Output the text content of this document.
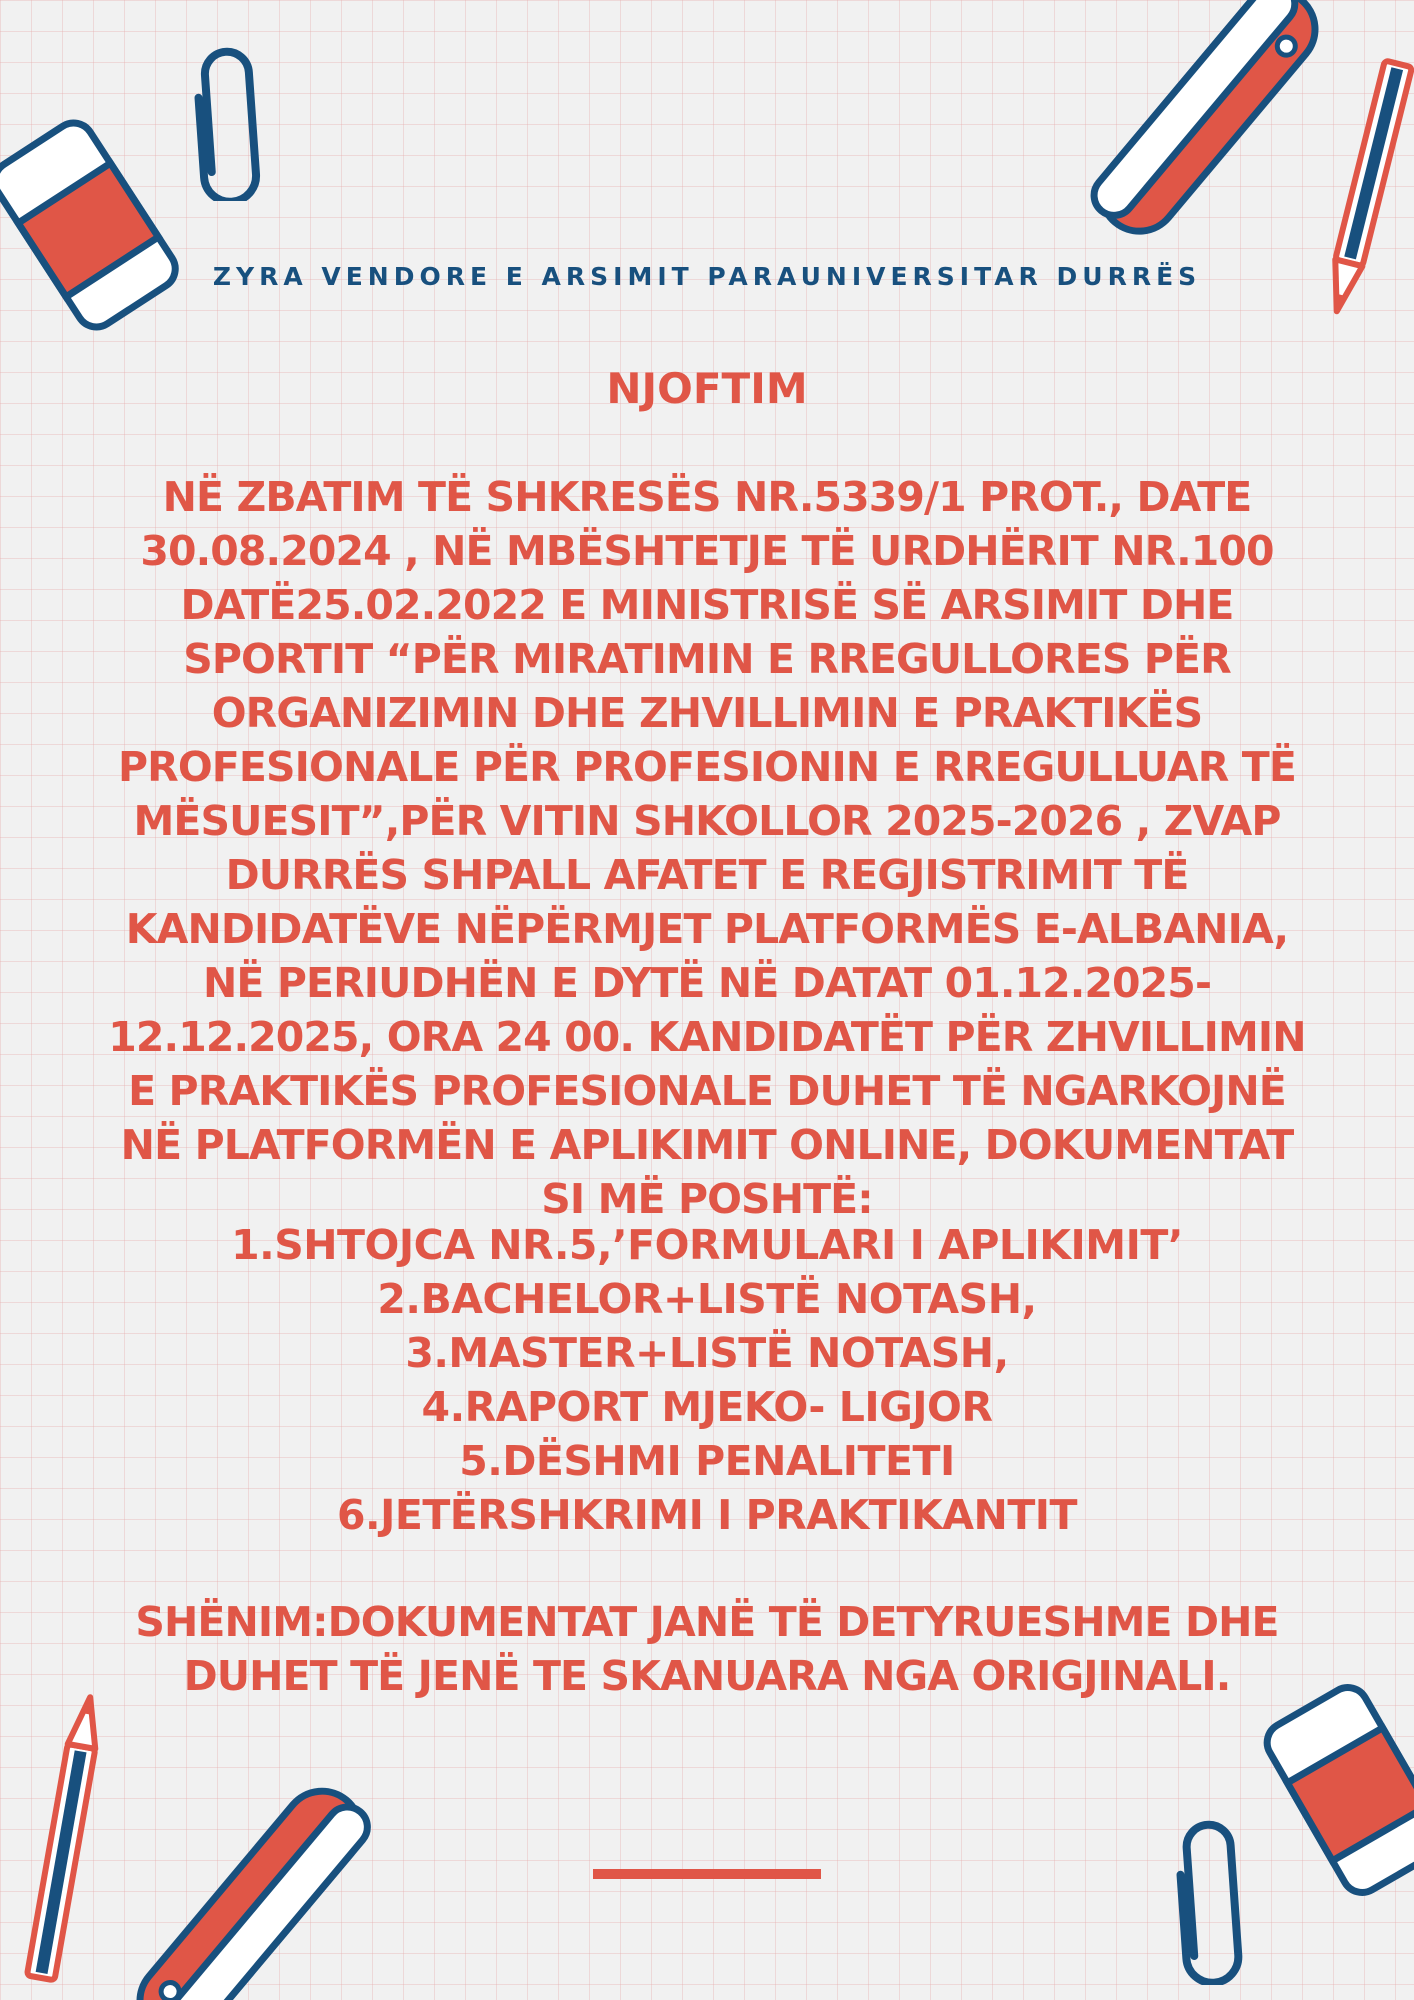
ZYRA VENDORE E ARSIMIT PARAUNIVERSITAR DURRËS
NJOFTIM
NË ZBATIM TË SHKRESËS NR.5339/1 PROT., DATE
30.08.2024 , NË MBËSHTETJE TË URDHËRIT NR.100
DATË25.02.2022 E MINISTRISË SË ARSIMIT DHE
SPORTIT “PËR MIRATIMIN E RREGULLORES PËR
ORGANIZIMIN DHE ZHVILLIMIN E PRAKTIKËS
PROFESIONALE PËR PROFESIONIN E RREGULLUAR TË
MËSUESIT”,PËR VITIN SHKOLLOR 2025-2026 , ZVAP
DURRËS SHPALL AFATET E REGJISTRIMIT TË
KANDIDATËVE NËPËRMJET PLATFORMËS E-ALBANIA,
NË PERIUDHËN E DYTË NË DATAT 01.12.2025-
12.12.2025, ORA 24 00. KANDIDATËT PËR ZHVILLIMIN
E PRAKTIKËS PROFESIONALE DUHET TË NGARKOJNË
NË PLATFORMËN E APLIKIMIT ONLINE, DOKUMENTAT
SI MË POSHTË:
1.SHTOJCA NR.5,’FORMULARI I APLIKIMIT’
2.BACHELOR+LISTË NOTASH,
3.MASTER+LISTË NOTASH,
4.RAPORT MJEKO- LIGJOR
5.DËSHMI PENALITETI
6.JETËRSHKRIMI I PRAKTIKANTIT
SHËNIM:DOKUMENTAT JANË TË DETYRUESHME DHE
DUHET TË JENË TE SKANUARA NGA ORIGJINALI.
